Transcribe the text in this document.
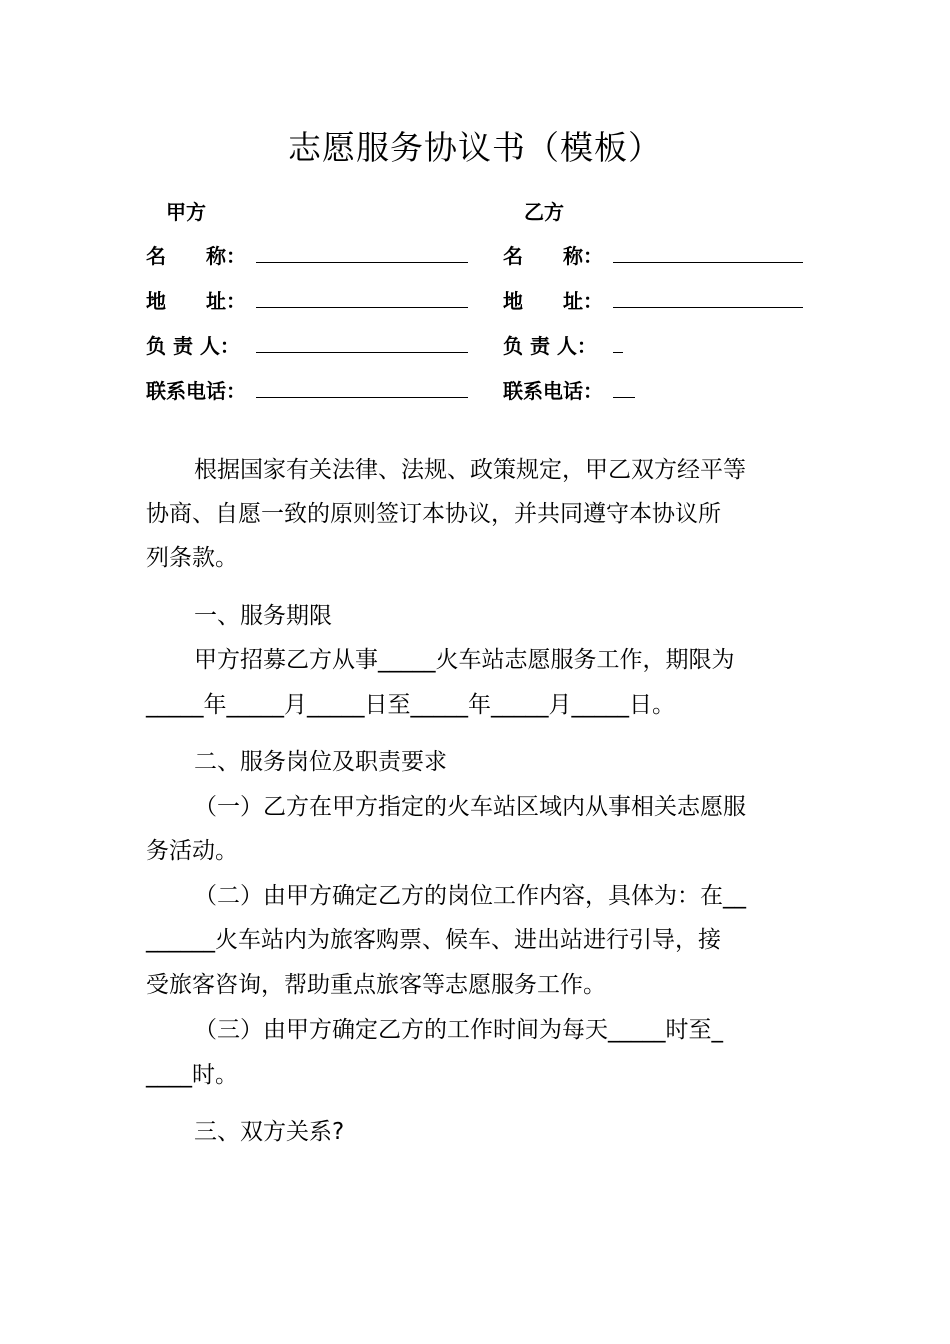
志愿服务协议书（模板）
甲方	乙方
名　　称：
地　　址：
负 责 人：
联系电话：
名　　称：
地　　址：
负 责 人：
联系电话：
根据国家有关法律、法规、政策规定，甲乙双方经平等
协商、自愿一致的原则签订本协议，并共同遵守本协议所
列条款。
一、服务期限
甲方招募乙方从事_____火车站志愿服务工作，期限为
_____年_____月_____日至_____年_____月_____日。
二、服务岗位及职责要求
（一）乙方在甲方指定的火车站区域内从事相关志愿服
务活动。
（二）由甲方确定乙方的岗位工作内容，具体为：在__
______火车站内为旅客购票、候车、进出站进行引导，接
受旅客咨询，帮助重点旅客等志愿服务工作。
（三）由甲方确定乙方的工作时间为每天_____时至_
____时。
三、双方关系?
